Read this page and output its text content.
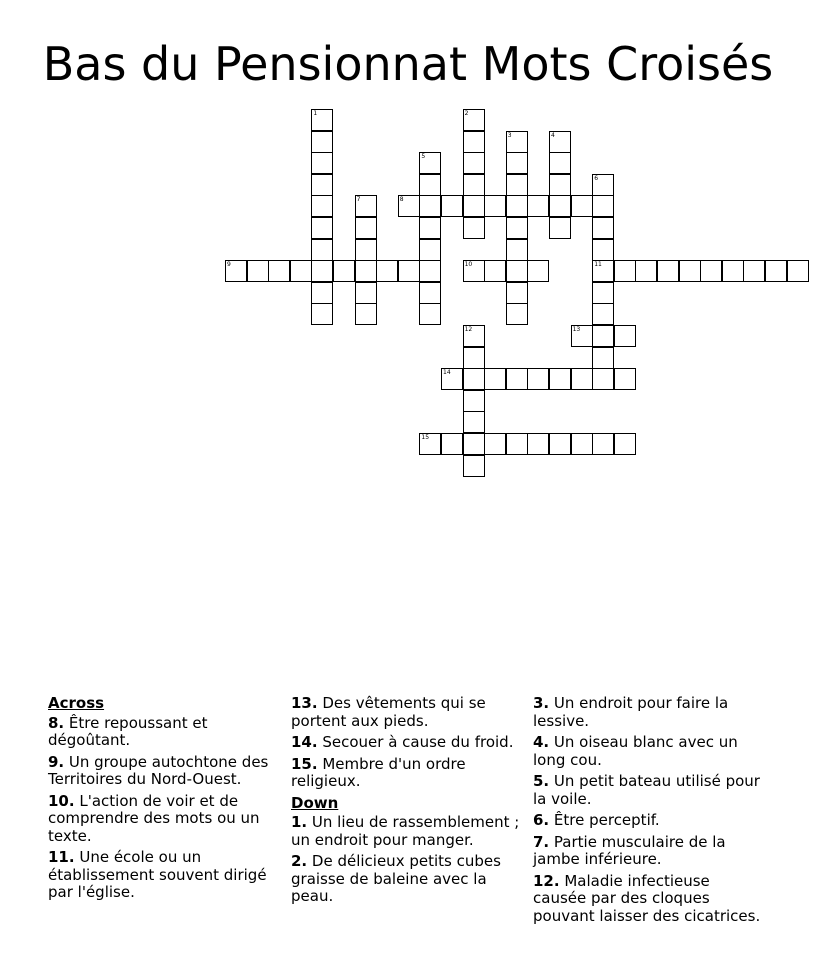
Bas du Pensionnat Mots Croisés
1	2
3	4
5
6
11
7	8
9	10
12	13
14
15
Across
8. Être repoussant et dégoûtant.
9. Un groupe autochtone des Territoires du Nord-Ouest.
10. L'action de voir et de comprendre des mots ou un texte.
11. Une école ou un établissement souvent dirigé par l'église.
13. Des vêtements qui se portent aux pieds.
14. Secouer à cause du froid.
15. Membre d'un ordre religieux.
Down
1. Un lieu de rassemblement ; un endroit pour manger.
2. De délicieux petits cubes graisse de baleine avec la peau.
3. Un endroit pour faire la lessive.
4. Un oiseau blanc avec un long cou.
5. Un petit bateau utilisé pour la voile.
6. Être perceptif.
7. Partie musculaire de la jambe inférieure.
12. Maladie infectieuse causée par des cloques pouvant laisser des cicatrices.
